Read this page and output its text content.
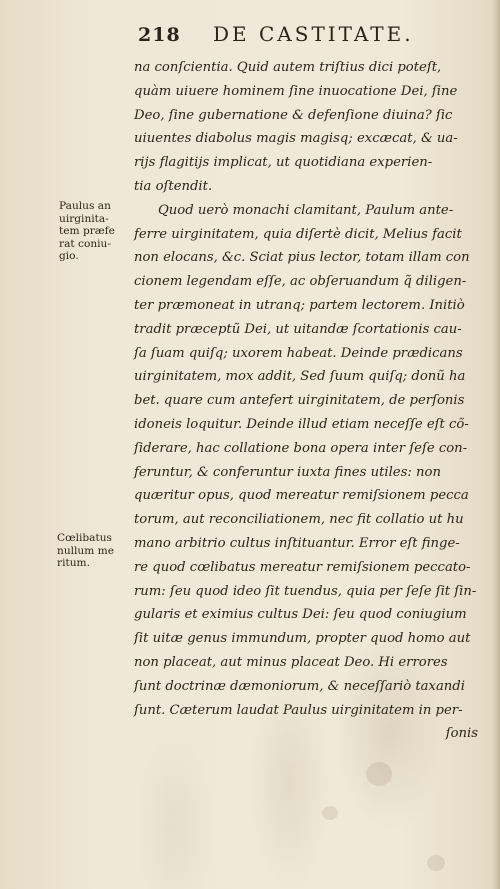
218 DE CASTITATE.
Paulus an
uirginita-
tem præfe
rat coniu-
gio.
Cœlibatus
nullum me
ritum.
na conſcientia. Quid autem triſtius dici poteſt,
quàm uiuere hominem ſine inuocatione Dei, ſine
Deo, ſine gubernatione & defenſione diuina? ſic
uiuentes diabolus magis magisq; excæcat, & ua-
rijs flagitijs implicat, ut quotidiana experien-
tia oſtendit.
Quod uerò monachi clamitant, Paulum ante-
ferre uirginitatem, quia diſertè dicit, Melius facit
non elocans, &c. Sciat pius lector, totam illam con
cionem legendam eſſe, ac obſeruandum q̃ diligen-
ter præmoneat in utranq; partem lectorem. Initiò
tradit præceptũ Dei, ut uitandæ ſcortationis cau-
ſa ſuam quiſq; uxorem habeat. Deinde prædicans
uirginitatem, mox addit, Sed ſuum quiſq; donũ ha
bet. quare cum antefert uirginitatem, de perſonis
idoneis loquitur. Deinde illud etiam neceſſe eſt cõ-
ſiderare, hac collatione bona opera inter ſeſe con-
feruntur, & conferuntur iuxta fines utiles: non
quæritur opus, quod mereatur remiſsionem pecca
torum, aut reconciliationem, nec fit collatio ut hu
mano arbitrio cultus inſtituantur. Error eſt finge-
re quod cœlibatus mereatur remiſsionem peccato-
rum: ſeu quod ideo ſit tuendus, quia per ſeſe ſit ſin-
gularis et eximius cultus Dei: ſeu quod coniugium
ſit uitæ genus immundum, propter quod homo aut
non placeat, aut minus placeat Deo. Hi errores
ſunt doctrinæ dæmoniorum, & neceſſariò taxandi
ſunt. Cæterum laudat Paulus uirginitatem in per-
ſonis
